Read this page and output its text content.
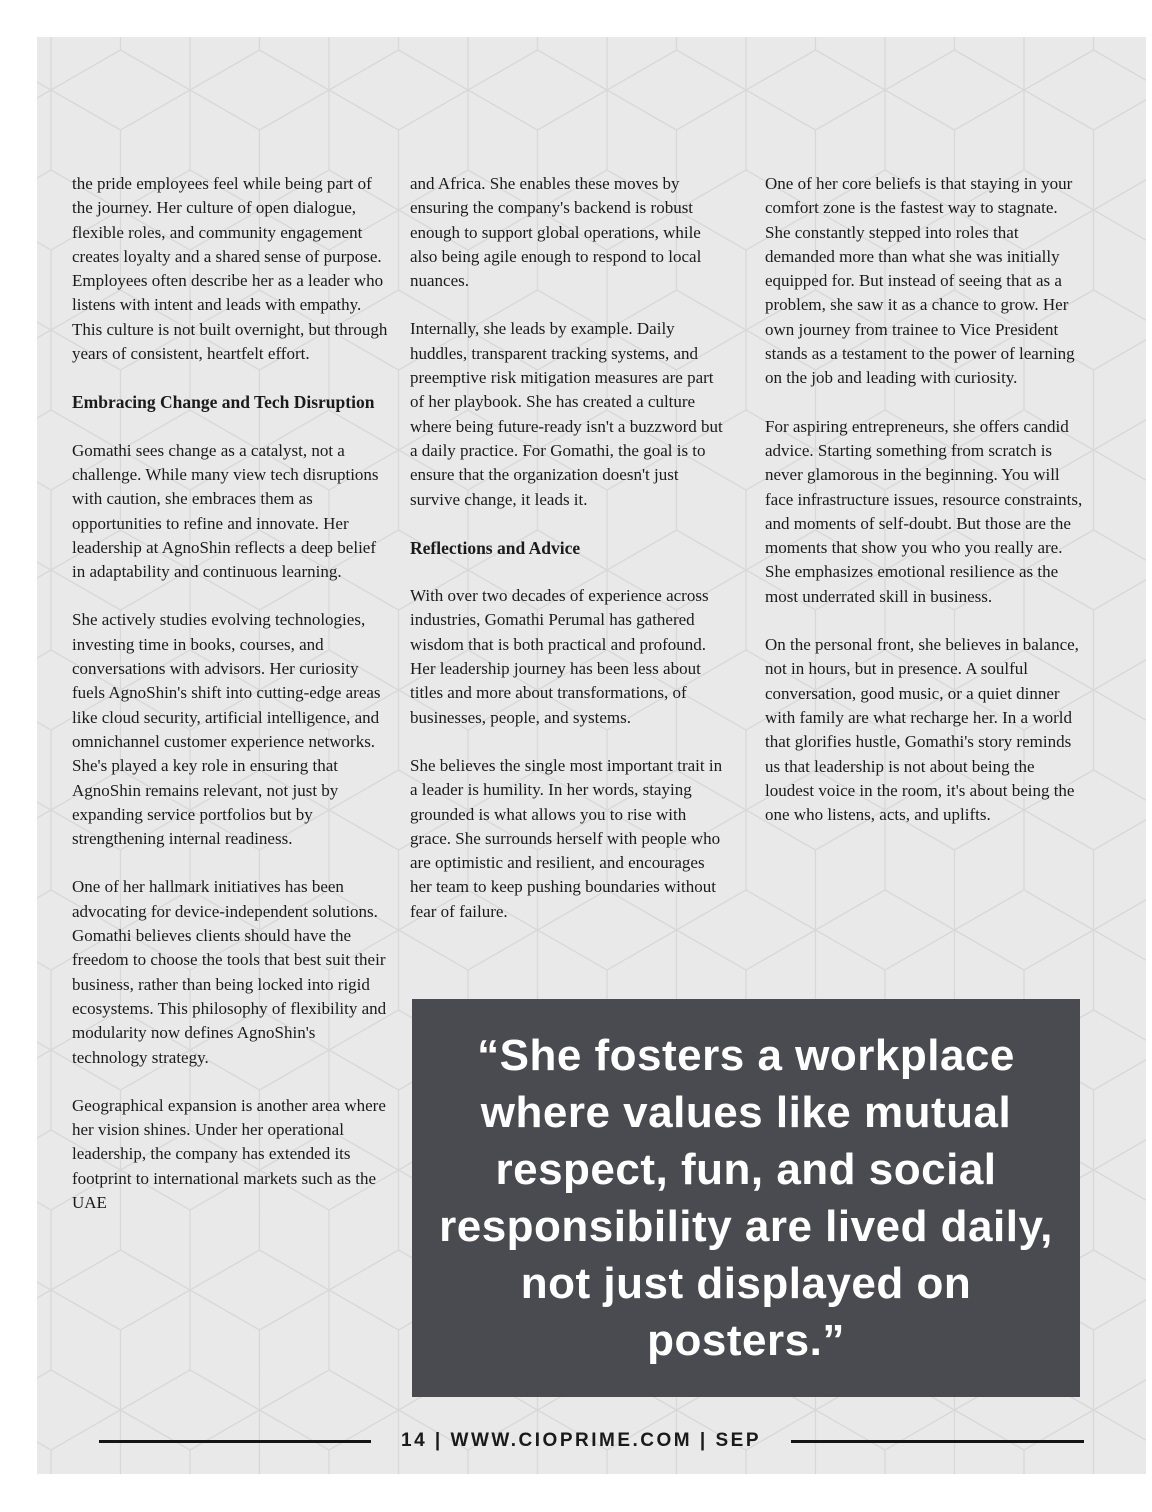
the pride employees feel while being part of the journey. Her culture of open dialogue, flexible roles, and community engagement creates loyalty and a shared sense of purpose. Employees often describe her as a leader who listens with intent and leads with empathy. This culture is not built overnight, but through years of consistent, heartfelt effort.

Embracing Change and Tech Disruption

Gomathi sees change as a catalyst, not a challenge. While many view tech disruptions with caution, she embraces them as opportunities to refine and innovate. Her leadership at AgnoShin reflects a deep belief in adaptability and continuous learning.

She actively studies evolving technologies, investing time in books, courses, and conversations with advisors. Her curiosity fuels AgnoShin's shift into cutting-edge areas like cloud security, artificial intelligence, and omnichannel customer experience networks. She's played a key role in ensuring that AgnoShin remains relevant, not just by expanding service portfolios but by strengthening internal readiness.

One of her hallmark initiatives has been advocating for device-independent solutions. Gomathi believes clients should have the freedom to choose the tools that best suit their business, rather than being locked into rigid ecosystems. This philosophy of flexibility and modularity now defines AgnoShin's technology strategy.

Geographical expansion is another area where her vision shines. Under her operational leadership, the company has extended its footprint to international markets such as the UAE

and Africa. She enables these moves by ensuring the company's backend is robust enough to support global operations, while also being agile enough to respond to local nuances.

Internally, she leads by example. Daily huddles, transparent tracking systems, and preemptive risk mitigation measures are part of her playbook. She has created a culture where being future-ready isn't a buzzword but a daily practice. For Gomathi, the goal is to ensure that the organization doesn't just survive change, it leads it.

Reflections and Advice

With over two decades of experience across industries, Gomathi Perumal has gathered wisdom that is both practical and profound. Her leadership journey has been less about titles and more about transformations, of businesses, people, and systems.

She believes the single most important trait in a leader is humility. In her words, staying grounded is what allows you to rise with grace. She surrounds herself with people who are optimistic and resilient, and encourages her team to keep pushing boundaries without fear of failure.

One of her core beliefs is that staying in your comfort zone is the fastest way to stagnate. She constantly stepped into roles that demanded more than what she was initially equipped for. But instead of seeing that as a problem, she saw it as a chance to grow. Her own journey from trainee to Vice President stands as a testament to the power of learning on the job and leading with curiosity.

For aspiring entrepreneurs, she offers candid advice. Starting something from scratch is never glamorous in the beginning. You will face infrastructure issues, resource constraints, and moments of self-doubt. But those are the moments that show you who you really are. She emphasizes emotional resilience as the most underrated skill in business.

On the personal front, she believes in balance, not in hours, but in presence. A soulful conversation, good music, or a quiet dinner with family are what recharge her. In a world that glorifies hustle, Gomathi's story reminds us that leadership is not about being the loudest voice in the room, it's about being the one who listens, acts, and uplifts.

“She fosters a workplace where values like mutual respect, fun, and social responsibility are lived daily, not just displayed on posters.”
14 | WWW.CIOPRIME.COM | SEP
